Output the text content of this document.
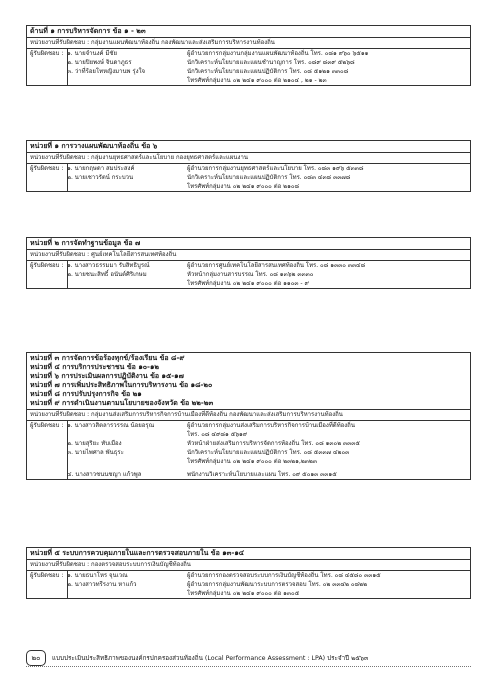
ด้านที่ ๑ การบริหารจัดการ ข้อ ๑ - ๒๓
หน่วยงานที่รับผิดชอบ : กลุ่มงานแผนพัฒนาท้องถิ่น กองพัฒนาและส่งเสริมการบริหารงานท้องถิ่น
ผู้รับผิดชอบ : ๑. นายจำนงค์ มีชัย	ผู้อำนวยการกลุ่มงานกลุ่มงานแผนพัฒนาท้องถิ่น โทร. ๐๘๑ ๙๖๐ ๖๕๑๑
๒. นายปิยพงษ์ จินดาภูธร	นักวิเคราะห์นโยบายและแผนชำนาญการ โทร. ๐๘๙ ๘๓๙ ๕๒๖๘
๓. ว่าที่ร้อยโทหญิงมานพ รุ่งใจ	นักวิเคราะห์นโยบายและแผนปฏิบัติการ โทร. ๐๘ ๕๑๒๑ ๓๓๐๘
โทรศัพท์กลุ่มงาน ๐๒ ๒๔๑ ๙๐๐๐ ต่อ ๒๑๐๔ , ๒๑ - ๒๓
หน่วยที่ ๑ การวางแผนพัฒนาท้องถิ่น ข้อ ๖
หน่วยงานที่รับผิดชอบ : กลุ่มงานยุทธศาสตร์และนโยบาย กองยุทธศาสตร์และแผนงาน
ผู้รับผิดชอบ : ๑. นายกฤษดา สมประสงค์	ผู้อำนวยการกลุ่มงานยุทธศาสตร์และนโยบาย โทร. ๐๘๓ ๑๙๖ ๕๓๓๘
๒. นายเชาวรัตน์ กระบวน	นักวิเคราะห์นโยบายและแผนปฏิบัติการ โทร. ๐๘๓ ๔๓๘ ๓๓๗๘
โทรศัพท์กลุ่มงาน ๐๒ ๒๔๑ ๙๐๐๐ ต่อ ๒๑๐๘
หน่วยที่ ๒ การจัดทำฐานข้อมูล ข้อ ๗
หน่วยงานที่รับผิดชอบ : ศูนย์เทคโนโลยีสารสนเทศท้องถิ่น
ผู้รับผิดชอบ : ๑. นางสาวธรรมมา รับสิทธิบูรณ์	ผู้อำนวยการศูนย์เทคโนโลยีสารสนเทศท้องถิ่น โทร. ๐๘ ๑๓๓๐ ๓๓๔๘
๒. นายชนะสิทธิ์ อนันต์ศิริเกษม	หัวหน้ากลุ่มงานสารบรรณ โทร. ๐๘ ๑๓๖๒ ๓๓๓๐
โทรศัพท์กลุ่มงาน ๐๒ ๒๔๑ ๙๐๐๐ ต่อ ๑๑๐๓ - ๙
หน่วยที่ ๓ การจัดการข้อร้องทุกข์/ร้องเรียน ข้อ ๘-๙
หน่วยที่ ๔ การบริการประชาชน ข้อ ๑๐-๑๒
หน่วยที่ ๖ การประเมินผลการปฏิบัติงาน ข้อ ๑๕-๑๗
หน่วยที่ ๗ การเพิ่มประสิทธิภาพในการบริหารงาน ข้อ ๑๘-๒๐
หน่วยที่ ๘ การปรับปรุงการกิจ ข้อ ๒๑
หน่วยที่ ๙ การดำเนินงานตามนโยบายของจังหวัด ข้อ ๒๒-๒๓
หน่วยงานที่รับผิดชอบ : กลุ่มงานส่งเสริมการบริหารกิจการบ้านเมืองที่ดีท้องถิ่น กองพัฒนาและส่งเสริมการบริหารงานท้องถิ่น
ผู้รับผิดชอบ : ๑. นางสาวสิตลารวรรณ น้อยอรุณ	ผู้อำนวยการกลุ่มงานส่งเสริมการบริหารกิจการบ้านเมืองที่ดีท้องถิ่น
โทร. ๐๘ ๔๙๘๑ ๕๖๑๙
๒. นายสุริยะ ทับเมือง	หัวหน้าฝ่ายส่งเสริมการบริหารจัดการท้องถิ่น โทร. ๐๘ ๑๓๐๒ ๓๓๓๕
๓. นายไพศาล พันธุระ	นักวิเคราะห์นโยบายและแผนปฏิบัติการ โทร. ๐๘ ๕๓๓๗ ๔๒๐๓
โทรศัพท์กลุ่มงาน ๐๒ ๒๔๑ ๙๐๐๐ ต่อ ๒๓๒๑,๒๓๒๓
๔. นางสาวชนนชญา แก้วพูล	พนักงานวิเคราะห์นโยบายและแผน โทร. ๐๙ ๕๐๑๓ ๓๓๑๕
หน่วยที่ ๕ ระบบการควบคุมภายในและการตรวจสอบภายใน ข้อ ๑๓-๑๔
หน่วยงานที่รับผิดชอบ : กองตรวจสอบระบบการเงินบัญชีท้องถิ่น
ผู้รับผิดชอบ : ๑. นายธนาโหร จุนเวณ	ผู้อำนวยการกองตรวจสอบระบบการเงินบัญชีท้องถิ่น โทร. ๐๘ ๔๕๘๐ ๓๓๑๕
๒. นางสาวทรีรงาน หาแก้ว	ผู้อำนวยการกลุ่มงานพัฒนาระบบการตรวจสอบ โทร. ๐๒ ๓๓๔๒ ๐๘๒๒
โทรศัพท์กลุ่มงาน ๐๒ ๒๔๑ ๙๐๐๐ ต่อ ๑๓๐๕
๒๐	แบบประเมินประสิทธิภาพของนงค์กรปกครองส่วนท้องถิ่น (Local Performance Assessment : LPA) ประจำปี ๒๕๖๓
